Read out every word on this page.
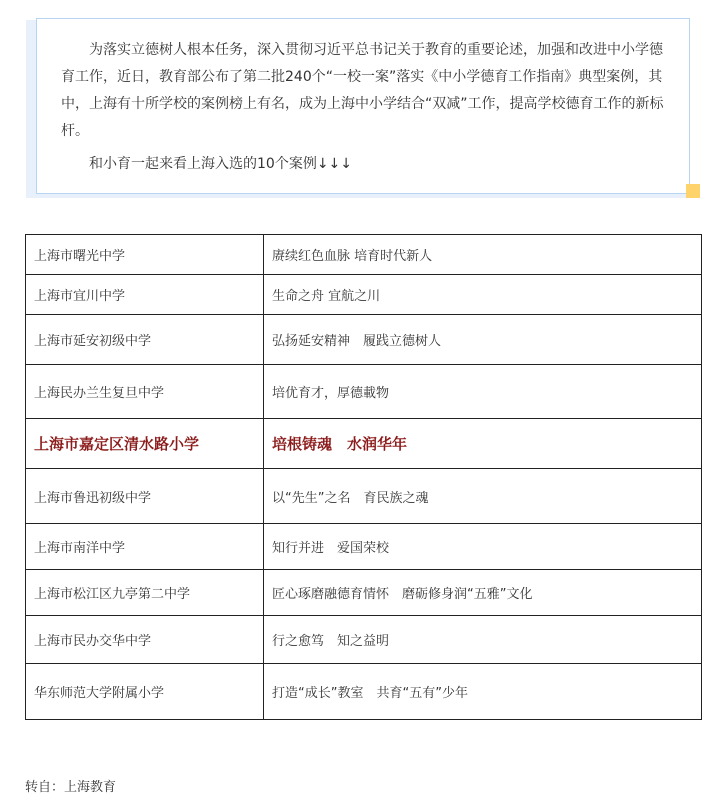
为落实立德树人根本任务，深入贯彻习近平总书记关于教育的重要论述，加强和改进中小学德育工作，近日，教育部公布了第二批240个“一校一案”落实《中小学德育工作指南》典型案例，其中，上海有十所学校的案例榜上有名，成为上海中小学结合“双减”工作，提高学校德育工作的新标杆。

和小育一起来看上海入选的10个案例↓↓↓

上海市曙光中学	赓续红色血脉 培育时代新人
上海市宜川中学	生命之舟 宜航之川
上海市延安初级中学	弘扬延安精神　履践立德树人
上海民办兰生复旦中学	培优育才，厚德載物
上海市嘉定区清水路小学	培根铸魂　水润华年
上海市鲁迅初级中学	以“先生”之名　育民族之魂
上海市南洋中学	知行并进　爱国荣校
上海市松江区九亭第二中学	匠心琢磨融德育情怀　磨砺修身润“五雅”文化
上海市民办交华中学	行之愈笃　知之益明
华东师范大学附属小学	打造“成长”教室　共育“五有”少年
转自：上海教育
